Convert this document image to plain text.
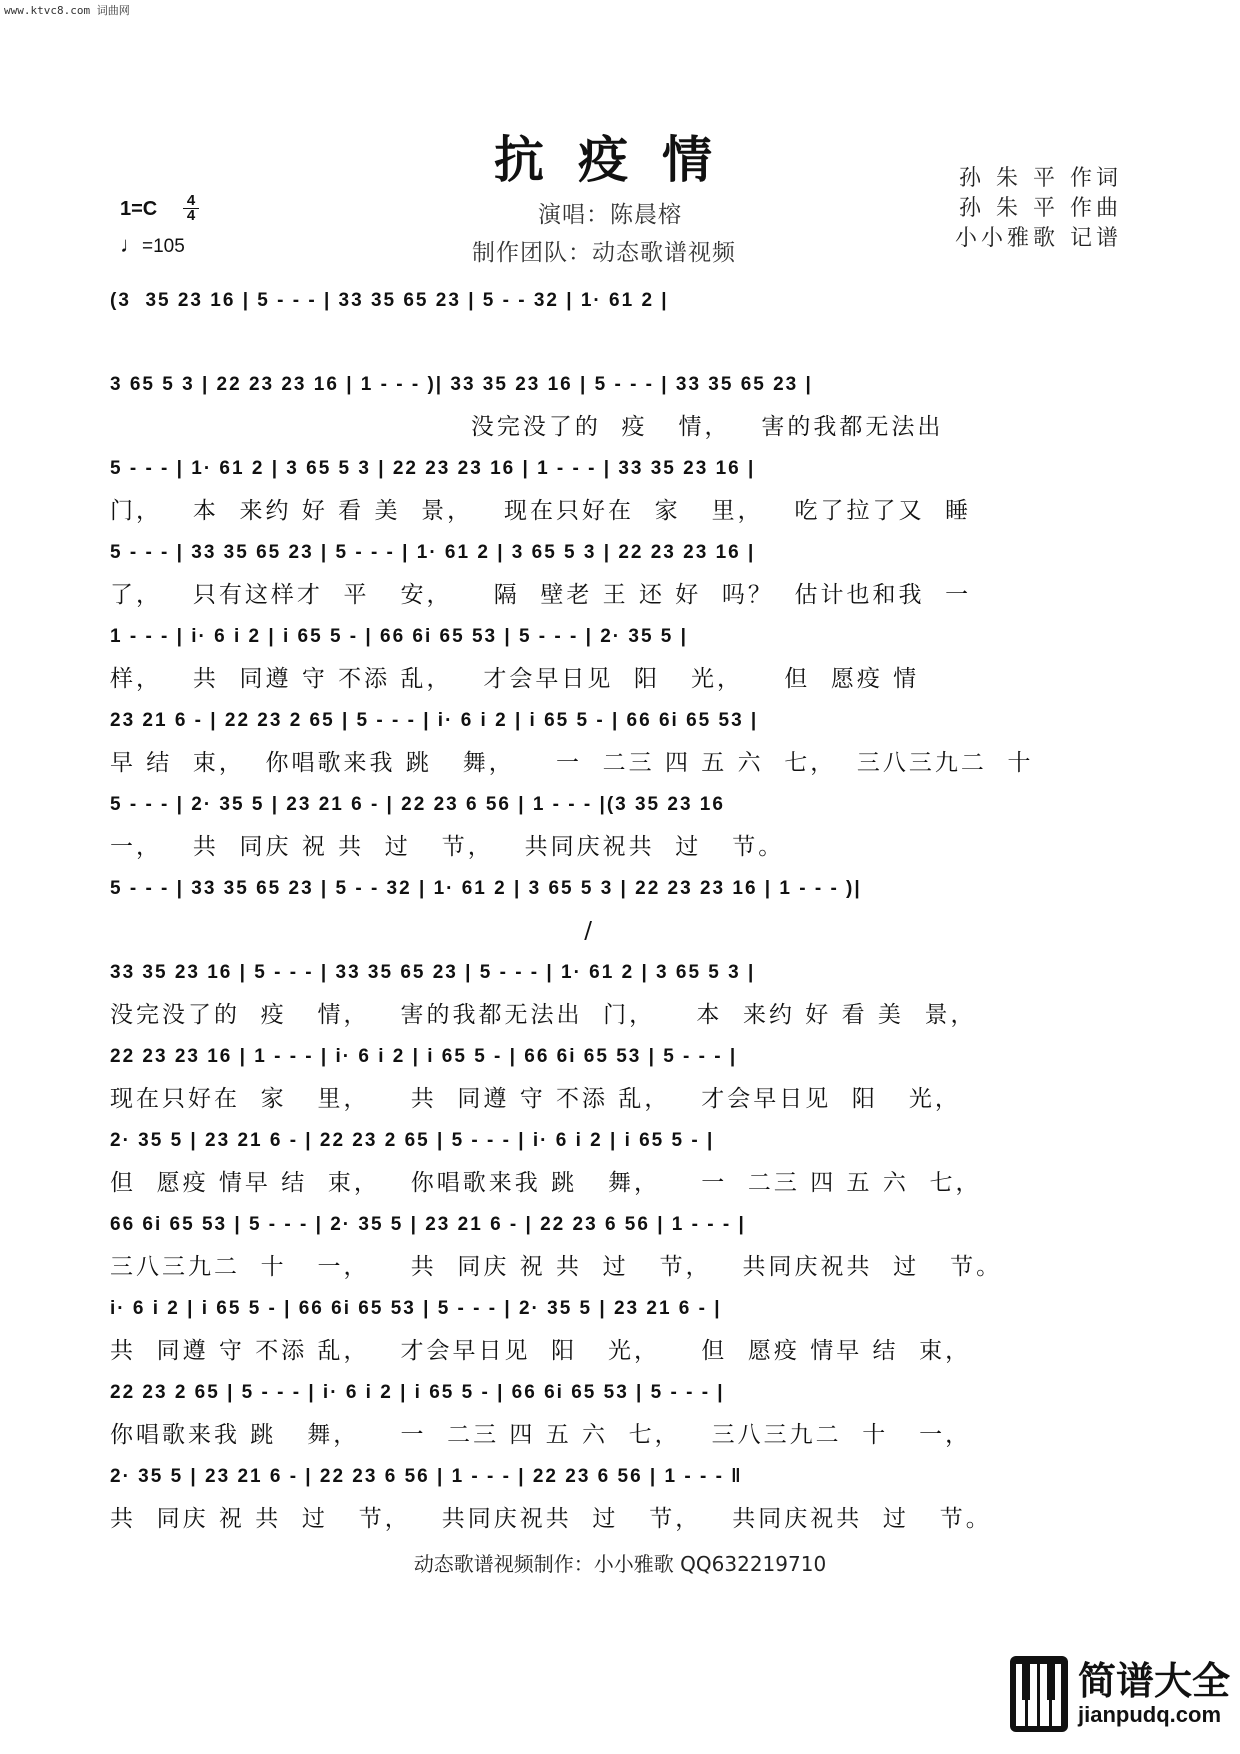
www.ktvc8.com 词曲网
抗疫情
$1=C \frac{4}{4}$
♩=105
演唱：陈晨榕
制作团队：动态歌谱视频
孙 朱 平 作词
孙 朱 平 作曲
小小雅歌 记谱
(3  35 23 16 | 5 - - - | 33 35 65 23 | 5 - - 32 | 1· 61 2 |
3 65 5 3 | 22 23 23 16 | 1 - - - )| 33 35 23 16 | 5 - - - | 33 35 65 23 |
没完没了的  疫   情，   害的我都无法出
5 - - - | 1· 61 2 | 3 65 5 3 | 22 23 23 16 | 1 - - - | 33 35 23 16 |
门，   本  来约 好 看 美  景，   现在只好在  家   里，   吃了拉了又  睡
5 - - - | 33 35 65 23 | 5 - - - | 1· 61 2 | 3 65 5 3 | 22 23 23 16 |
了，   只有这样才  平   安，    隔  壁老 王 还 好  吗？  估计也和我  一
1 - - - | i· 6 i 2 | i 65 5 - | 66 6i 65 53 | 5 - - - | 2· 35 5 |
样，   共  同遵 守 不添 乱，   才会早日见  阳   光，    但  愿疫 情
23 21 6 - | 22 23 2 65 | 5 - - - | i· 6 i 2 | i 65 5 - | 66 6i 65 53 |
早 结  束，  你唱歌来我 跳   舞，    一  二三 四 五 六  七，  三八三九二  十
5 - - - | 2· 35 5 | 23 21 6 - | 22 23 6 56 | 1 - - - |(3 35 23 16
一，   共  同庆 祝 共  过   节，   共同庆祝共  过   节。
5 - - - | 33 35 65 23 | 5 - - 32 | 1· 61 2 | 3 65 5 3 | 22 23 23 16 | 1 - - - )|
/
33 35 23 16 | 5 - - - | 33 35 65 23 | 5 - - - | 1· 61 2 | 3 65 5 3 |
没完没了的  疫   情，   害的我都无法出  门，    本  来约 好 看 美  景，
22 23 23 16 | 1 - - - | i· 6 i 2 | i 65 5 - | 66 6i 65 53 | 5 - - - |
现在只好在  家   里，    共  同遵 守 不添 乱，   才会早日见  阳   光，
2· 35 5 | 23 21 6 - | 22 23 2 65 | 5 - - - | i· 6 i 2 | i 65 5 - |
但  愿疫 情早 结  束，   你唱歌来我 跳   舞，    一  二三 四 五 六  七，
66 6i 65 53 | 5 - - - | 2· 35 5 | 23 21 6 - | 22 23 6 56 | 1 - - - |
三八三九二  十   一，    共  同庆 祝 共  过   节，   共同庆祝共  过   节。
i· 6 i 2 | i 65 5 - | 66 6i 65 53 | 5 - - - | 2· 35 5 | 23 21 6 - |
共  同遵 守 不添 乱，   才会早日见  阳   光，    但  愿疫 情早 结  束，
22 23 2 65 | 5 - - - | i· 6 i 2 | i 65 5 - | 66 6i 65 53 | 5 - - - |
你唱歌来我 跳   舞，    一  二三 四 五 六  七，   三八三九二  十   一，
2· 35 5 | 23 21 6 - | 22 23 6 56 | 1 - - - | 22 23 6 56 | 1 - - - ‖
共  同庆 祝 共  过   节，   共同庆祝共  过   节，   共同庆祝共  过   节。
动态歌谱视频制作：小小雅歌 QQ632219710
简谱大全
jianpudq.com
